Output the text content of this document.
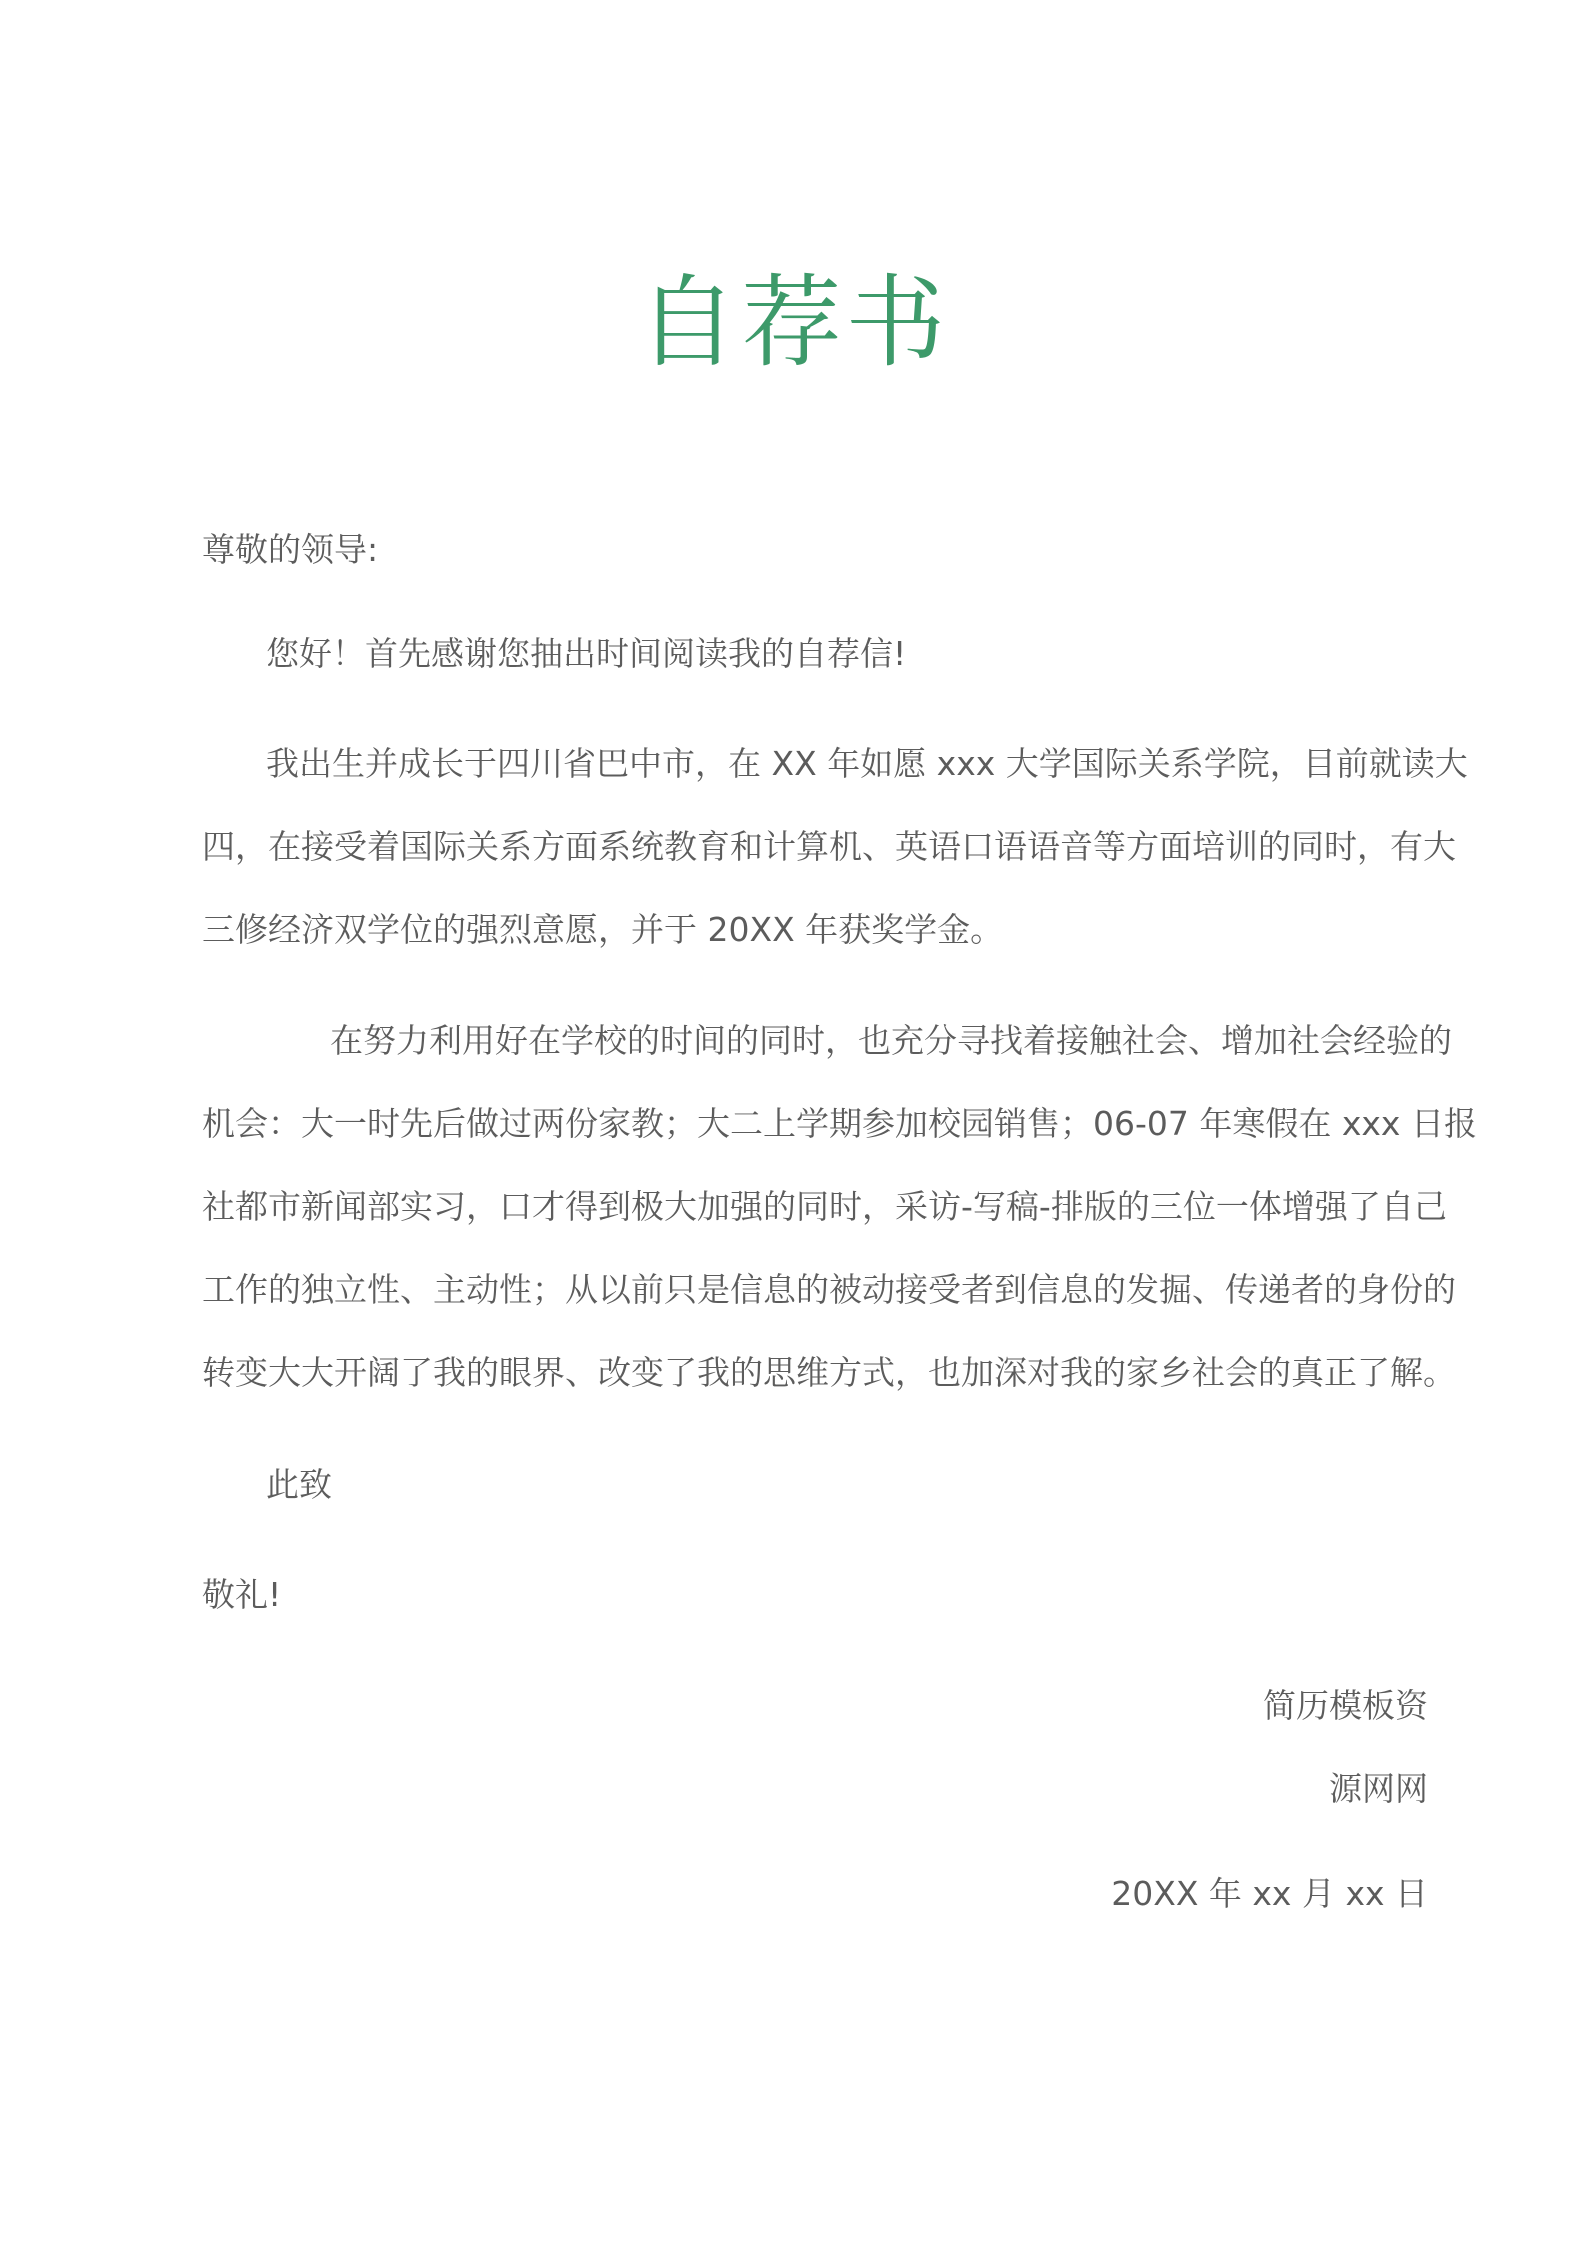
自荐书

尊敬的领导:

您好！首先感谢您抽出时间阅读我的自荐信!

我出生并成长于四川省巴中市，在 XX 年如愿 xxx 大学国际关系学院，目前就读大
四，在接受着国际关系方面系统教育和计算机、英语口语语音等方面培训的同时，有大
三修经济双学位的强烈意愿，并于 20XX 年获奖学金。
在努力利用好在学校的时间的同时，也充分寻找着接触社会、增加社会经验的
机会：大一时先后做过两份家教；大二上学期参加校园销售；06-07 年寒假在 xxx 日报
社都市新闻部实习，口才得到极大加强的同时，采访-写稿-排版的三位一体增强了自己
工作的独立性、主动性；从以前只是信息的被动接受者到信息的发掘、传递者的身份的
转变大大开阔了我的眼界、改变了我的思维方式，也加深对我的家乡社会的真正了解。

此致

敬礼!

简历模板资

源网网

20XX 年 xx 月 xx 日
